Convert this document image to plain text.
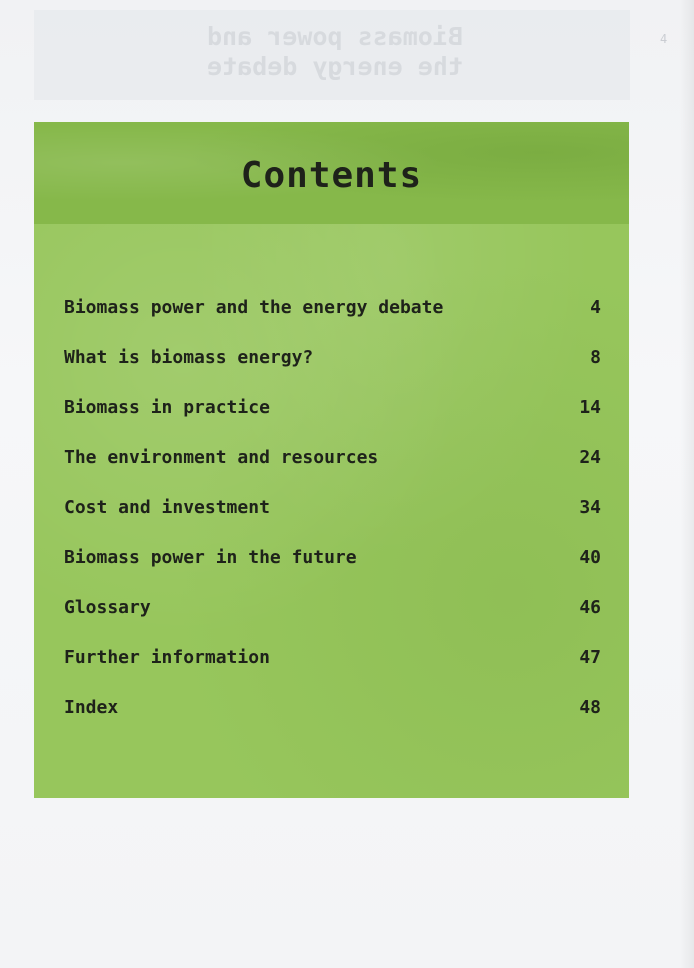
Biomass power and the energy debate
4
Contents
Biomass power and the energy debate	4
What is biomass energy?	8
Biomass in practice	14
The environment and resources	24
Cost and investment	34
Biomass power in the future	40
Glossary	46
Further information	47
Index	48
